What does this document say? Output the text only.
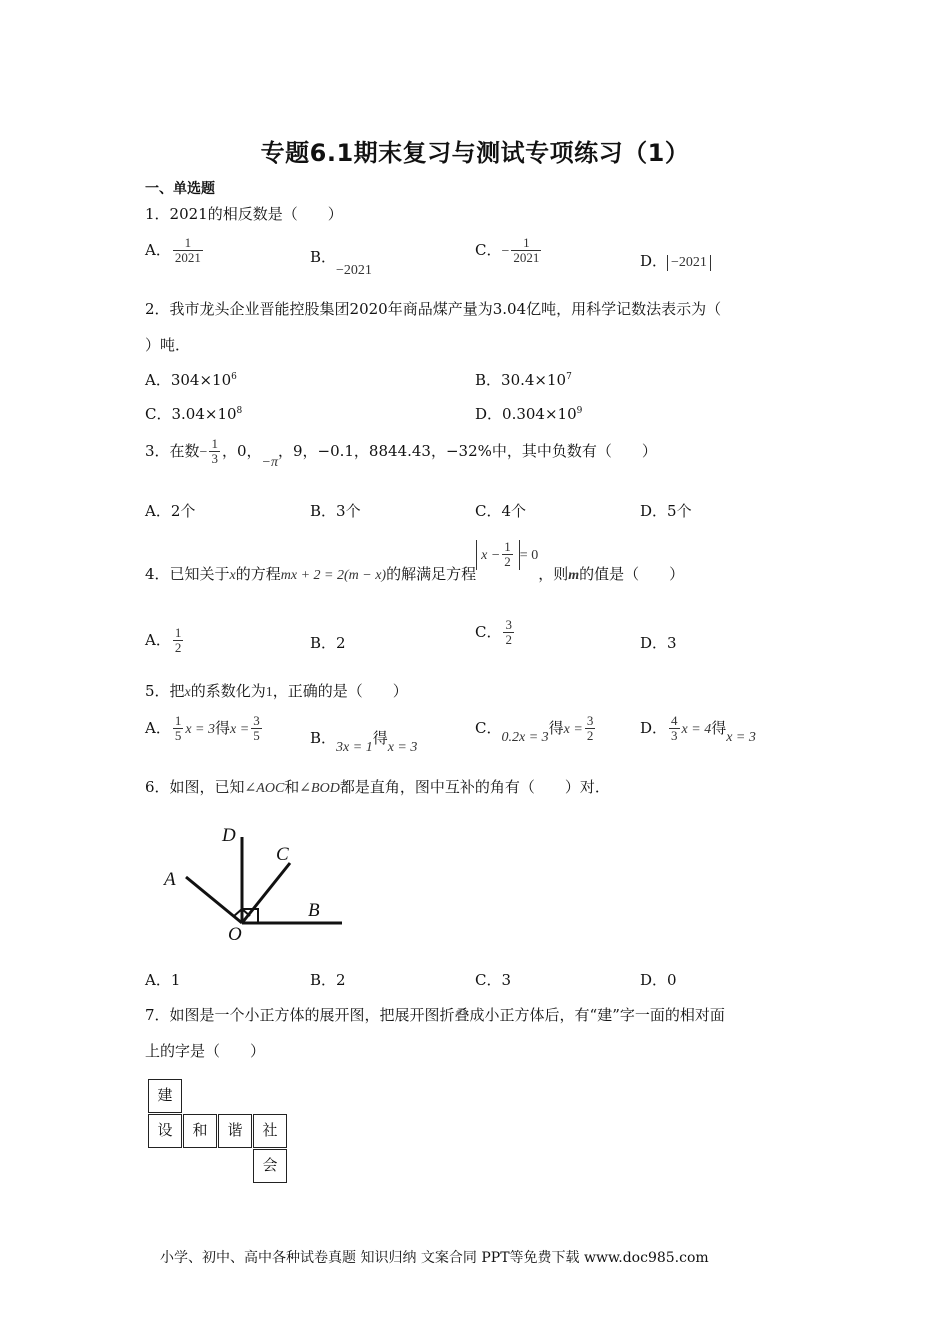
专题6.1期末复习与测试专项练习（1）
一、单选题
1．2021的相反数是（　　）
A． $\frac{1}{2021}$	B．−2021
C．− $\frac{1}{2021}$	D． −2021
2．我市龙头企业晋能控股集团2020年商品煤产量为3.04亿吨，用科学记数法表示为（
）吨．
A．$304\times 10^6$	B．$30.4\times 10^7$
C．$3.04\times 10^8$	D．$0.304\times 10^9$
3．在数− $\frac{1}{3}$ ，0，−π，9，−0.1，8844.43，−32%中，其中负数有（　　）
A．2个	B．3个	C．4个	D．5个
4．已知关于x的方程mx + 2 = 2(m − x)的解满足方程$x - \frac{1}{2} = 0$，则m的值是（　　）
A． $\frac{1}{2}$	B．2
C． $\frac{3}{2}$	D．3
5．把x的系数化为1，正确的是（　　）
A． $\frac{1}{5}$ x = 3得$x = \frac{3}{5}$	B．3x = 1得x = 3
C．0.2x = 3得$x = \frac{3}{2}$	D． $\frac{4}{3}$ x = 4得x = 3
6．如图，已知∠AOC和∠BOD都是直角，图中互补的角有（　　）对．
D
C
A
B
O
A．1	B．2	C．3	D．0
7．如图是一个小正方体的展开图，把展开图折叠成小正方体后，有“建”字一面的相对面
上的字是（　　）
建
设	和	谐	社
会
小学、初中、高中各种试卷真题 知识归纳 文案合同 PPT等免费下载 www.doc985.com
